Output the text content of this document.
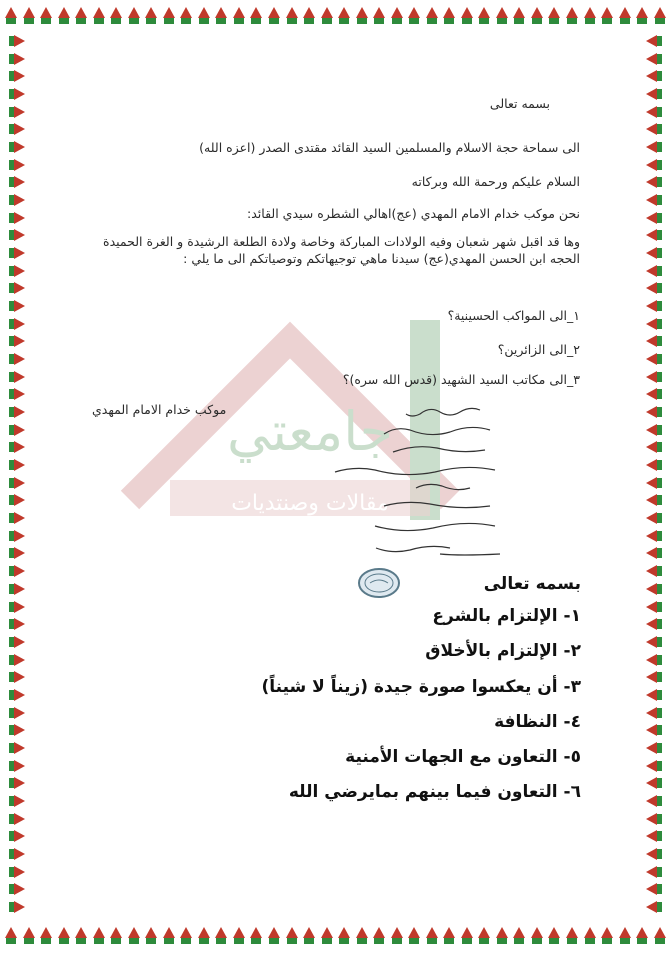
جامعتي
مقالات وصنتديات

بسمه تعالى

الى سماحة حجة الاسلام والمسلمين السيد القائد مقتدى الصدر (اعزه الله)

السلام عليكم ورحمة الله وبركاته

نحن موكب خدام الامام المهدي (عج)اهالي الشطره سيدي القائد:

وها قد اقبل شهر شعبان وفيه الولادات المباركة وخاصة ولادة الطلعة الرشيدة و الغرة الحميدة الحجه ابن الحسن المهدي(عج) سيدنا ماهي توجيهاتكم وتوصياتكم الى ما يلي :

١_الى المواكب الحسينية؟

٢_الى الزائرين؟

٣_الى مكاتب السيد الشهيد (قدس الله سره)؟

موكب خدام الامام المهدي

بسمه تعالى

١- الإلتزام بالشرع

٢- الإلتزام بالأخلاق

٣- أن يعكسوا صورة جيدة (زيناً لا شيناً)

٤- النظافة

٥- التعاون مع الجهات الأمنية

٦- التعاون فيما بينهم بمايرضي الله
